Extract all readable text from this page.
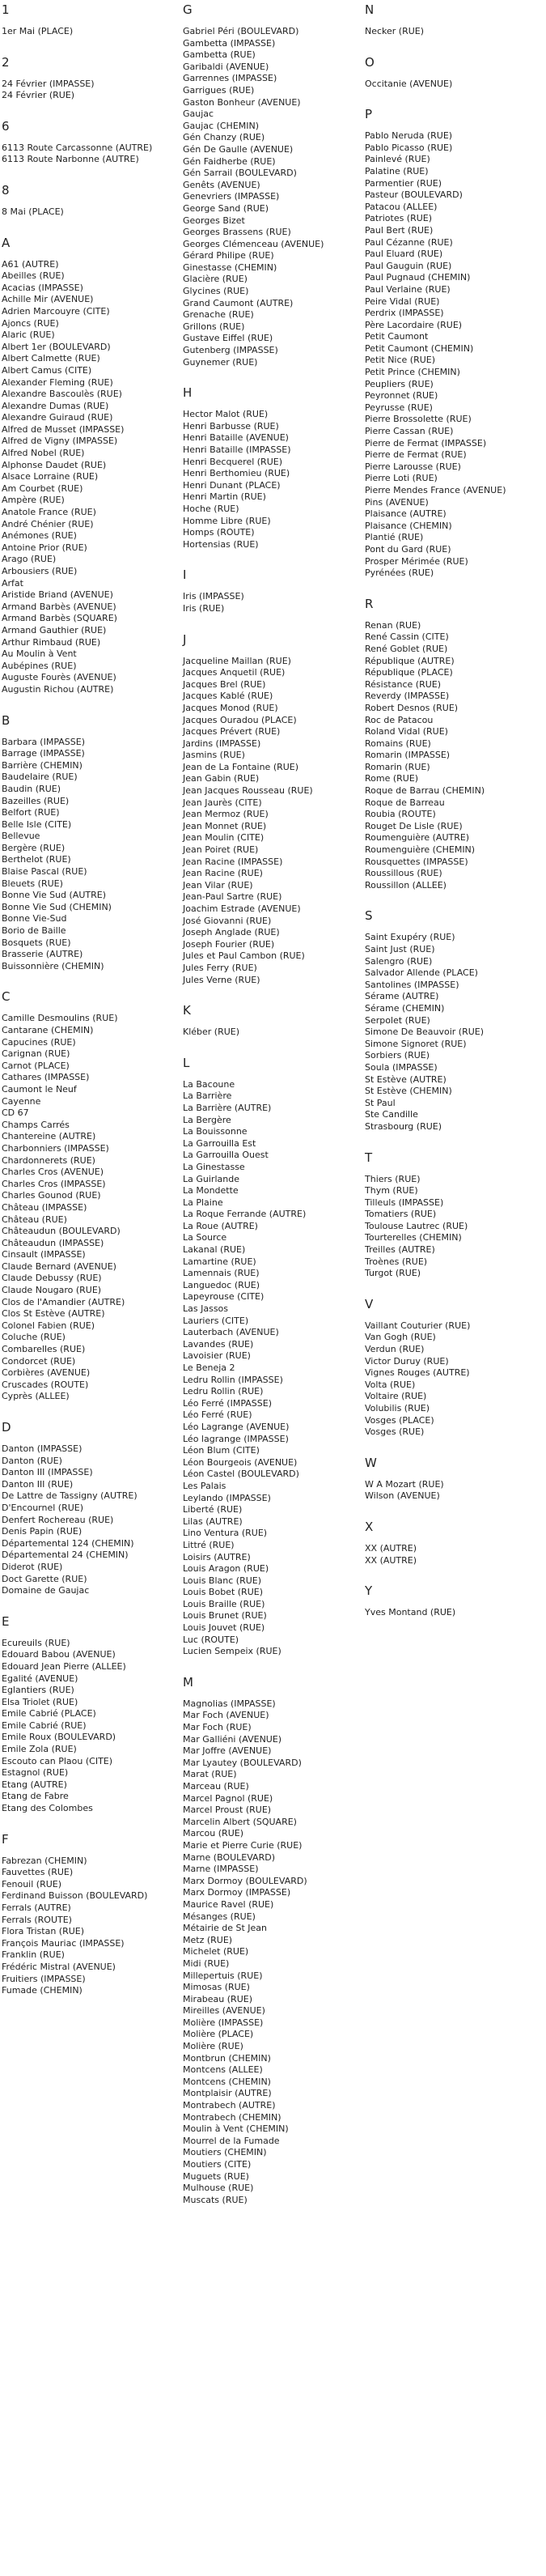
1
1er Mai (PLACE)
2
24 Février (IMPASSE)
24 Février (RUE)
6
6113 Route Carcassonne (AUTRE)
6113 Route Narbonne (AUTRE)
8
8 Mai (PLACE)
A
A61 (AUTRE)
Abeilles (RUE)
Acacias (IMPASSE)
Achille Mir (AVENUE)
Adrien Marcouyre (CITE)
Ajoncs (RUE)
Alaric (RUE)
Albert 1er (BOULEVARD)
Albert Calmette (RUE)
Albert Camus (CITE)
Alexander Fleming (RUE)
Alexandre Bascoulès (RUE)
Alexandre Dumas (RUE)
Alexandre Guiraud (RUE)
Alfred de Musset (IMPASSE)
Alfred de Vigny (IMPASSE)
Alfred Nobel (RUE)
Alphonse Daudet (RUE)
Alsace Lorraine (RUE)
Am Courbet (RUE)
Ampère (RUE)
Anatole France (RUE)
André Chénier (RUE)
Anémones (RUE)
Antoine Prior (RUE)
Arago (RUE)
Arbousiers (RUE)
Arfat
Aristide Briand (AVENUE)
Armand Barbès (AVENUE)
Armand Barbès (SQUARE)
Armand Gauthier (RUE)
Arthur Rimbaud (RUE)
Au Moulin à Vent
Aubépines (RUE)
Auguste Fourès (AVENUE)
Augustin Richou (AUTRE)
B
Barbara (IMPASSE)
Barrage (IMPASSE)
Barrière (CHEMIN)
Baudelaire (RUE)
Baudin (RUE)
Bazeilles (RUE)
Belfort (RUE)
Belle Isle (CITE)
Bellevue
Bergère (RUE)
Berthelot (RUE)
Blaise Pascal (RUE)
Bleuets (RUE)
Bonne Vie Sud (AUTRE)
Bonne Vie Sud (CHEMIN)
Bonne Vie-Sud
Borio de Baille
Bosquets (RUE)
Brasserie (AUTRE)
Buissonnière (CHEMIN)
C
Camille Desmoulins (RUE)
Cantarane (CHEMIN)
Capucines (RUE)
Carignan (RUE)
Carnot (PLACE)
Cathares (IMPASSE)
Caumont le Neuf
Cayenne
CD 67
Champs Carrés
Chantereine (AUTRE)
Charbonniers (IMPASSE)
Chardonnerets (RUE)
Charles Cros (AVENUE)
Charles Cros (IMPASSE)
Charles Gounod (RUE)
Château (IMPASSE)
Château (RUE)
Châteaudun (BOULEVARD)
Châteaudun (IMPASSE)
Cinsault (IMPASSE)
Claude Bernard (AVENUE)
Claude Debussy (RUE)
Claude Nougaro (RUE)
Clos de l'Amandier (AUTRE)
Clos St Estève (AUTRE)
Colonel Fabien (RUE)
Coluche (RUE)
Combarelles (RUE)
Condorcet (RUE)
Corbières (AVENUE)
Cruscades (ROUTE)
Cyprès (ALLEE)
D
Danton (IMPASSE)
Danton (RUE)
Danton III (IMPASSE)
Danton III (RUE)
De Lattre de Tassigny (AUTRE)
D'Encournel (RUE)
Denfert Rochereau (RUE)
Denis Papin (RUE)
Départemental 124 (CHEMIN)
Départemental 24 (CHEMIN)
Diderot (RUE)
Doct Garette (RUE)
Domaine de Gaujac
E
Ecureuils (RUE)
Edouard Babou (AVENUE)
Edouard Jean Pierre (ALLEE)
Egalité (AVENUE)
Eglantiers (RUE)
Elsa Triolet (RUE)
Emile Cabrié (PLACE)
Emile Cabrié (RUE)
Emile Roux (BOULEVARD)
Emile Zola (RUE)
Escouto can Plaou (CITE)
Estagnol (RUE)
Etang (AUTRE)
Etang de Fabre
Etang des Colombes
F
Fabrezan (CHEMIN)
Fauvettes (RUE)
Fenouil (RUE)
Ferdinand Buisson (BOULEVARD)
Ferrals (AUTRE)
Ferrals (ROUTE)
Flora Tristan (RUE)
François Mauriac (IMPASSE)
Franklin (RUE)
Frédéric Mistral (AVENUE)
Fruitiers (IMPASSE)
Fumade (CHEMIN)
G
Gabriel Péri (BOULEVARD)
Gambetta (IMPASSE)
Gambetta (RUE)
Garibaldi (AVENUE)
Garrennes (IMPASSE)
Garrigues (RUE)
Gaston Bonheur (AVENUE)
Gaujac
Gaujac (CHEMIN)
Gén Chanzy (RUE)
Gén De Gaulle (AVENUE)
Gén Faidherbe (RUE)
Gén Sarrail (BOULEVARD)
Genêts (AVENUE)
Genevriers (IMPASSE)
George Sand (RUE)
Georges Bizet
Georges Brassens (RUE)
Georges Clémenceau (AVENUE)
Gérard Philipe (RUE)
Ginestasse (CHEMIN)
Glacière (RUE)
Glycines (RUE)
Grand Caumont (AUTRE)
Grenache (RUE)
Grillons (RUE)
Gustave Eiffel (RUE)
Gutenberg (IMPASSE)
Guynemer (RUE)
H
Hector Malot (RUE)
Henri Barbusse (RUE)
Henri Bataille (AVENUE)
Henri Bataille (IMPASSE)
Henri Becquerel (RUE)
Henri Berthomieu (RUE)
Henri Dunant (PLACE)
Henri Martin (RUE)
Hoche (RUE)
Homme Libre (RUE)
Homps (ROUTE)
Hortensias (RUE)
I
Iris (IMPASSE)
Iris (RUE)
J
Jacqueline Maillan (RUE)
Jacques Anquetil (RUE)
Jacques Brel (RUE)
Jacques Kablé (RUE)
Jacques Monod (RUE)
Jacques Ouradou (PLACE)
Jacques Prévert (RUE)
Jardins (IMPASSE)
Jasmins (RUE)
Jean de La Fontaine (RUE)
Jean Gabin (RUE)
Jean Jacques Rousseau (RUE)
Jean Jaurès (CITE)
Jean Mermoz (RUE)
Jean Monnet (RUE)
Jean Moulin (CITE)
Jean Poiret (RUE)
Jean Racine (IMPASSE)
Jean Racine (RUE)
Jean Vilar (RUE)
Jean-Paul Sartre (RUE)
Joachim Estrade (AVENUE)
José Giovanni (RUE)
Joseph Anglade (RUE)
Joseph Fourier (RUE)
Jules et Paul Cambon (RUE)
Jules Ferry (RUE)
Jules Verne (RUE)
K
Kléber (RUE)
L
La Bacoune
La Barrière
La Barrière (AUTRE)
La Bergère
La Bouissonne
La Garrouilla Est
La Garrouilla Ouest
La Ginestasse
La Guirlande
La Mondette
La Plaine
La Roque Ferrande (AUTRE)
La Roue (AUTRE)
La Source
Lakanal (RUE)
Lamartine (RUE)
Lamennais (RUE)
Languedoc (RUE)
Lapeyrouse (CITE)
Las Jassos
Lauriers (CITE)
Lauterbach (AVENUE)
Lavandes (RUE)
Lavoisier (RUE)
Le Beneja 2
Ledru Rollin (IMPASSE)
Ledru Rollin (RUE)
Léo Ferré (IMPASSE)
Léo Ferré (RUE)
Léo Lagrange (AVENUE)
Léo lagrange (IMPASSE)
Léon Blum (CITE)
Léon Bourgeois (AVENUE)
Léon Castel (BOULEVARD)
Les Palais
Leylando (IMPASSE)
Liberté (RUE)
Lilas (AUTRE)
Lino Ventura (RUE)
Littré (RUE)
Loisirs (AUTRE)
Louis Aragon (RUE)
Louis Blanc (RUE)
Louis Bobet (RUE)
Louis Braille (RUE)
Louis Brunet (RUE)
Louis Jouvet (RUE)
Luc (ROUTE)
Lucien Sempeix (RUE)
M
Magnolias (IMPASSE)
Mar Foch (AVENUE)
Mar Foch (RUE)
Mar Galliéni (AVENUE)
Mar Joffre (AVENUE)
Mar Lyautey (BOULEVARD)
Marat (RUE)
Marceau (RUE)
Marcel Pagnol (RUE)
Marcel Proust (RUE)
Marcelin Albert (SQUARE)
Marcou (RUE)
Marie et Pierre Curie (RUE)
Marne (BOULEVARD)
Marne (IMPASSE)
Marx Dormoy (BOULEVARD)
Marx Dormoy (IMPASSE)
Maurice Ravel (RUE)
Mésanges (RUE)
Métairie de St Jean
Metz (RUE)
Michelet (RUE)
Midi (RUE)
Millepertuis (RUE)
Mimosas (RUE)
Mirabeau (RUE)
Mireilles (AVENUE)
Molière (IMPASSE)
Molière (PLACE)
Molière (RUE)
Montbrun (CHEMIN)
Montcens (ALLEE)
Montcens (CHEMIN)
Montplaisir (AUTRE)
Montrabech (AUTRE)
Montrabech (CHEMIN)
Moulin à Vent (CHEMIN)
Mourrel de la Fumade
Moutiers (CHEMIN)
Moutiers (CITE)
Muguets (RUE)
Mulhouse (RUE)
Muscats (RUE)
N
Necker (RUE)
O
Occitanie (AVENUE)
P
Pablo Neruda (RUE)
Pablo Picasso (RUE)
Painlevé (RUE)
Palatine (RUE)
Parmentier (RUE)
Pasteur (BOULEVARD)
Patacou (ALLEE)
Patriotes (RUE)
Paul Bert (RUE)
Paul Cézanne (RUE)
Paul Eluard (RUE)
Paul Gauguin (RUE)
Paul Pugnaud (CHEMIN)
Paul Verlaine (RUE)
Peire Vidal (RUE)
Perdrix (IMPASSE)
Père Lacordaire (RUE)
Petit Caumont
Petit Caumont (CHEMIN)
Petit Nice (RUE)
Petit Prince (CHEMIN)
Peupliers (RUE)
Peyronnet (RUE)
Peyrusse (RUE)
Pierre Brossolette (RUE)
Pierre Cassan (RUE)
Pierre de Fermat (IMPASSE)
Pierre de Fermat (RUE)
Pierre Larousse (RUE)
Pierre Loti (RUE)
Pierre Mendes France (AVENUE)
Pins (AVENUE)
Plaisance (AUTRE)
Plaisance (CHEMIN)
Plantié (RUE)
Pont du Gard (RUE)
Prosper Mérimée (RUE)
Pyrénées (RUE)
R
Renan (RUE)
René Cassin (CITE)
René Goblet (RUE)
République (AUTRE)
République (PLACE)
Résistance (RUE)
Reverdy (IMPASSE)
Robert Desnos (RUE)
Roc de Patacou
Roland Vidal (RUE)
Romains (RUE)
Romarin (IMPASSE)
Romarin (RUE)
Rome (RUE)
Roque de Barrau (CHEMIN)
Roque de Barreau
Roubia (ROUTE)
Rouget De Lisle (RUE)
Roumenguière (AUTRE)
Roumenguière (CHEMIN)
Rousquettes (IMPASSE)
Roussillous (RUE)
Roussillon (ALLEE)
S
Saint Exupéry (RUE)
Saint Just (RUE)
Salengro (RUE)
Salvador Allende (PLACE)
Santolines (IMPASSE)
Sérame (AUTRE)
Sérame (CHEMIN)
Serpolet (RUE)
Simone De Beauvoir (RUE)
Simone Signoret (RUE)
Sorbiers (RUE)
Soula (IMPASSE)
St Estève (AUTRE)
St Estève (CHEMIN)
St Paul
Ste Candille
Strasbourg (RUE)
T
Thiers (RUE)
Thym (RUE)
Tilleuls (IMPASSE)
Tomatiers (RUE)
Toulouse Lautrec (RUE)
Tourterelles (CHEMIN)
Treilles (AUTRE)
Troènes (RUE)
Turgot (RUE)
V
Vaillant Couturier (RUE)
Van Gogh (RUE)
Verdun (RUE)
Victor Duruy (RUE)
Vignes Rouges (AUTRE)
Volta (RUE)
Voltaire (RUE)
Volubilis (RUE)
Vosges (PLACE)
Vosges (RUE)
W
W A Mozart (RUE)
Wilson (AVENUE)
X
XX (AUTRE)
XX (AUTRE)
Y
Yves Montand (RUE)
